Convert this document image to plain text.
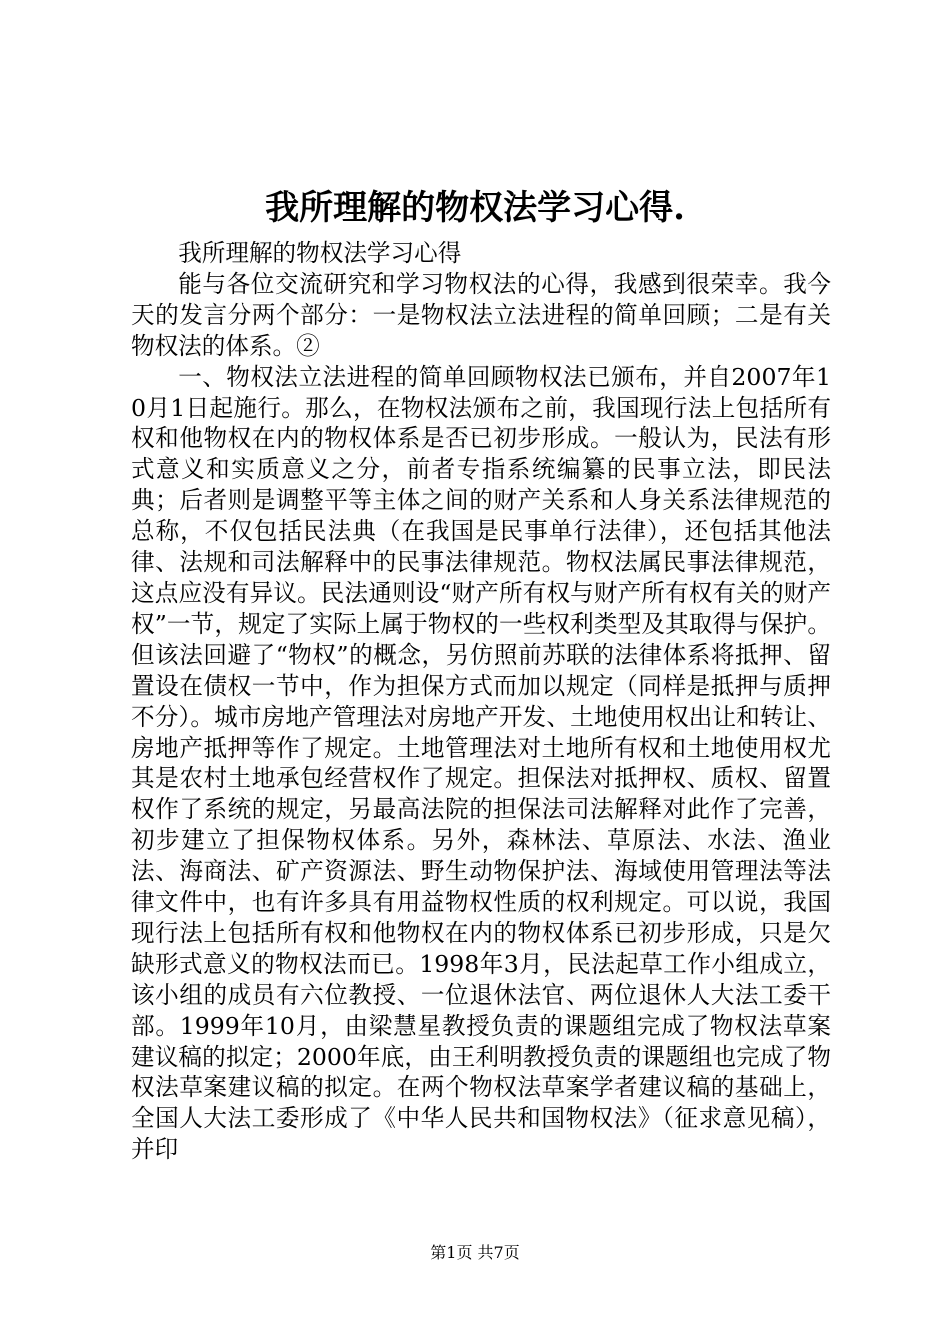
我所理解的物权法学习心得.

我所理解的物权法学习心得

能与各位交流研究和学习物权法的心得，我感到很荣幸。我今天的发言分两个部分：一是物权法立法进程的简单回顾；二是有关物权法的体系。②

一、物权法立法进程的简单回顾物权法已颁布，并自2007年10月1日起施行。那么，在物权法颁布之前，我国现行法上包括所有权和他物权在内的物权体系是否已初步形成。一般认为，民法有形式意义和实质意义之分，前者专指系统编纂的民事立法，即民法典；后者则是调整平等主体之间的财产关系和人身关系法律规范的总称，不仅包括民法典（在我国是民事单行法律），还包括其他法律、法规和司法解释中的民事法律规范。物权法属民事法律规范，这点应没有异议。民法通则设“财产所有权与财产所有权有关的财产权”一节，规定了实际上属于物权的一些权利类型及其取得与保护。但该法回避了“物权”的概念，另仿照前苏联的法律体系将抵押、留置设在债权一节中，作为担保方式而加以规定（同样是抵押与质押不分）。城市房地产管理法对房地产开发、土地使用权出让和转让、房地产抵押等作了规定。土地管理法对土地所有权和土地使用权尤其是农村土地承包经营权作了规定。担保法对抵押权、质权、留置权作了系统的规定，另最高法院的担保法司法解释对此作了完善，初步建立了担保物权体系。另外，森林法、草原法、水法、渔业法、海商法、矿产资源法、野生动物保护法、海域使用管理法等法律文件中，也有许多具有用益物权性质的权利规定。可以说，我国现行法上包括所有权和他物权在内的物权体系已初步形成，只是欠缺形式意义的物权法而已。1998年3月，民法起草工作小组成立，该小组的成员有六位教授、一位退休法官、两位退休人大法工委干部。1999年10月，由梁慧星教授负责的课题组完成了物权法草案建议稿的拟定；2000年底，由王利明教授负责的课题组也完成了物权法草案建议稿的拟定。在两个物权法草案学者建议稿的基础上，全国人大法工委形成了《中华人民共和国物权法》（征求意见稿），并印

第1页 共7页
